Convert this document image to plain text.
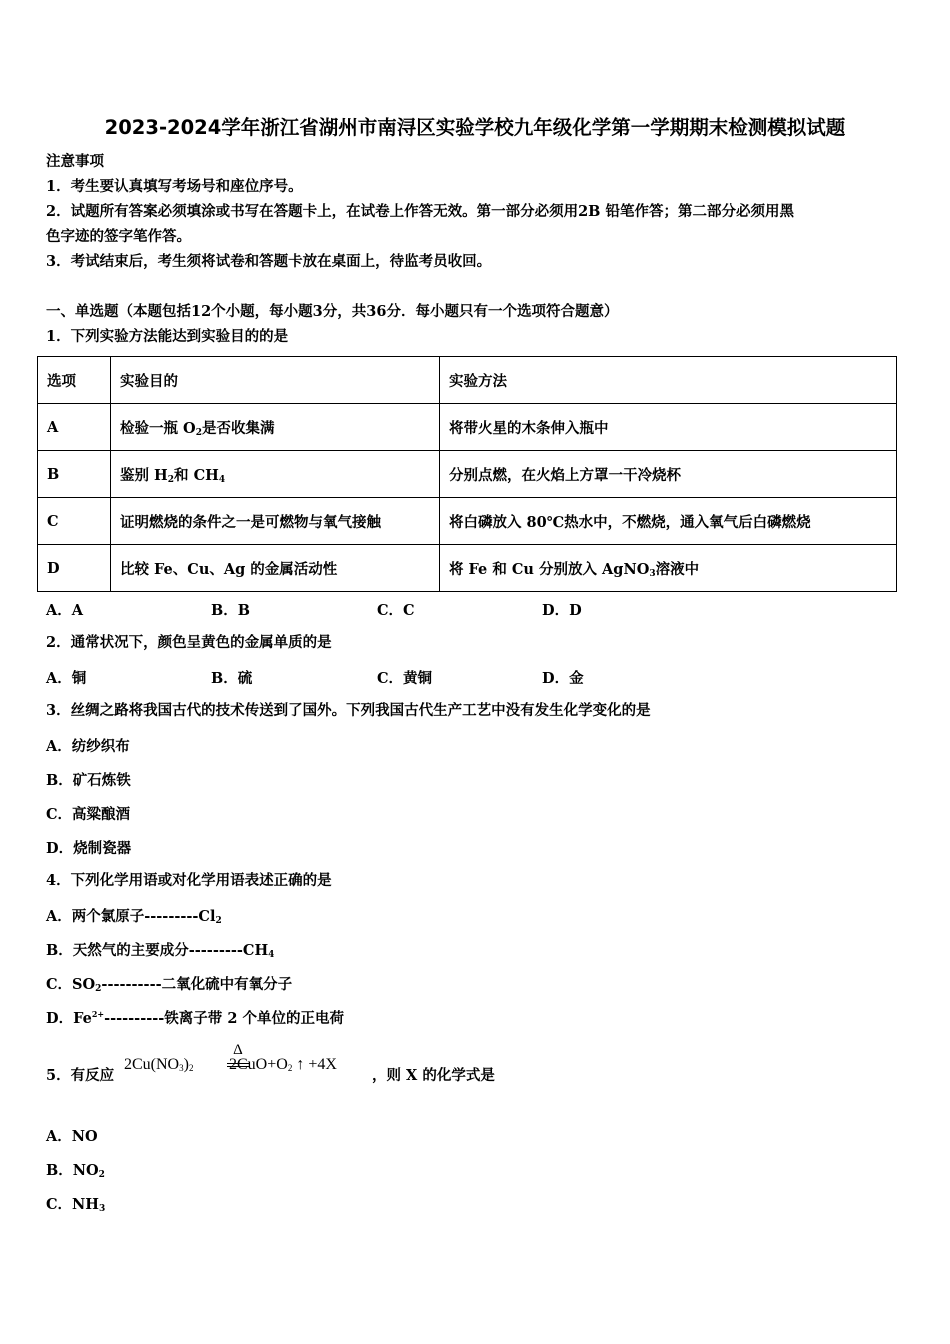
2023-2024学年浙江省湖州市南浔区实验学校九年级化学第一学期期末检测模拟试题
注意事项
1．考生要认真填写考场号和座位序号。
2．试题所有答案必须填涂或书写在答题卡上，在试卷上作答无效。第一部分必须用2B 铅笔作答；第二部分必须用黑
色字迹的签字笔作答。
3．考试结束后，考生须将试卷和答题卡放在桌面上，待监考员收回。
一、单选题（本题包括12个小题，每小题3分，共36分．每小题只有一个选项符合题意）
1．下列实验方法能达到实验目的的是
选项	实验目的	实验方法
A	检验一瓶 $O_2$是否收集满	将带火星的木条伸入瓶中
B	鉴别 $H_2$和 $CH_4$	分别点燃，在火焰上方罩一干冷烧杯
C	证明燃烧的条件之一是可燃物与氧气接触	将白磷放入 80℃热水中，不燃烧，通入氧气后白磷燃烧
D	比较 Fe、Cu、Ag 的金属活动性	将 Fe 和 Cu 分别放入 AgNO$_3$溶液中
A．A	B．B	C．C	D．D
2．通常状况下，颜色呈黄色的金属单质的是
A．铜	B．硫	C．黄铜	D．金
3．丝绸之路将我国古代的技术传送到了国外。下列我国古代生产工艺中没有发生化学变化的是
A．纺纱织布
B．矿石炼铁
C．高粱酿酒
D．烧制瓷器
4．下列化学用语或对化学用语表述正确的是
A．两个氯原子$---------Cl_2$
B．天然气的主要成分$---------CH_4$
C．$SO_2----------$二氧化硫中有氧分子
D．$Fe^{2+}----------$铁离子带 2 个单位的正电荷
5．有反应
$2Cu(NO_3)_2$
Δ
$2CuO+O_2$ ↑ +4X
，则 X 的化学式是
A．NO
B．$NO_2$
C．$NH_3$
